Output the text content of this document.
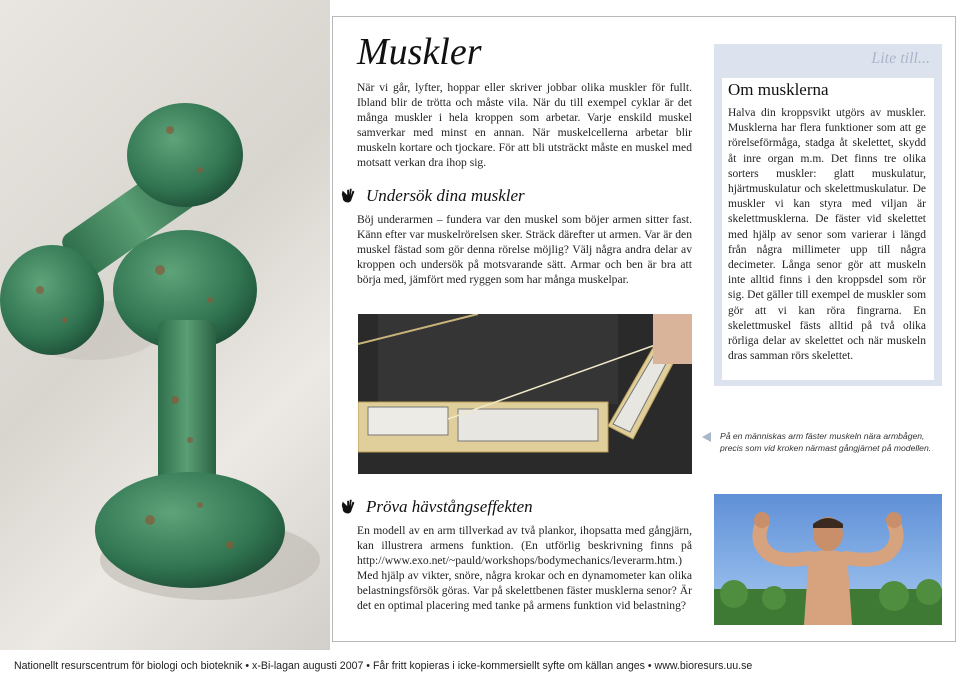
Muskler

När vi går, lyfter, hoppar eller skriver jobbar olika muskler för fullt. Ibland blir de trötta och måste vila. När du till exempel cyklar är det många muskler i hela kroppen som arbetar. Varje enskild muskel samverkar med minst en annan. När muskelcellerna arbetar blir muskeln kortare och tjockare. För att bli utsträckt måste en muskel med motsatt verkan dra ihop sig.

Undersök dina muskler

Böj underarmen – fundera var den muskel som böjer armen sitter fast. Känn efter var muskelrörelsen sker. Sträck därefter ut armen. Var är den muskel fästad som gör denna rörelse möjlig? Välj några andra delar av kroppen och undersök på motsvarande sätt. Armar och ben är bra att börja med, jämfört med ryggen som har många muskelpar.

Lite till...
Om musklerna

Halva din kroppsvikt utgörs av muskler. Musklerna har flera funktioner som att ge rörelseförmåga, stadga åt skelettet, skydd åt inre organ m.m. Det finns tre olika sorters muskler: glatt muskulatur, hjärtmuskulatur och skelettmuskulatur. De muskler vi kan styra med viljan är skelettmusklerna. De fäster vid skelettet med hjälp av senor som varierar i längd från några millimeter upp till några decimeter. Långa senor gör att muskeln inte alltid finns i den kroppsdel som rör sig. Det gäller till exempel de muskler som gör att vi kan röra fingrarna. En skelettmuskel fästs alltid på två olika rörliga delar av skelettet och när muskeln dras samman rörs skelettet.

På en människas arm fäster muskeln nära armbågen, precis som vid kroken närmast gångjärnet på modellen.

Pröva hävstångseffekten

En modell av en arm tillverkad av två plankor, ihopsatta med gångjärn, kan illustrera armens funktion. (En utförlig beskrivning finns på http://www.exo.net/~pauld/workshops/bodymechanics/leverarm.htm.) Med hjälp av vikter, snöre, några krokar och en dynamometer kan olika belastningsförsök göras. Var på skelettbenen fäster musklerna senor? Är det en optimal placering med tanke på armens funktion vid belastning?

Nationellt resurscentrum för biologi och bioteknik • x-Bi-lagan augusti 2007 • Får fritt kopieras i icke-kommersiellt syfte om källan anges • www.bioresurs.uu.se
